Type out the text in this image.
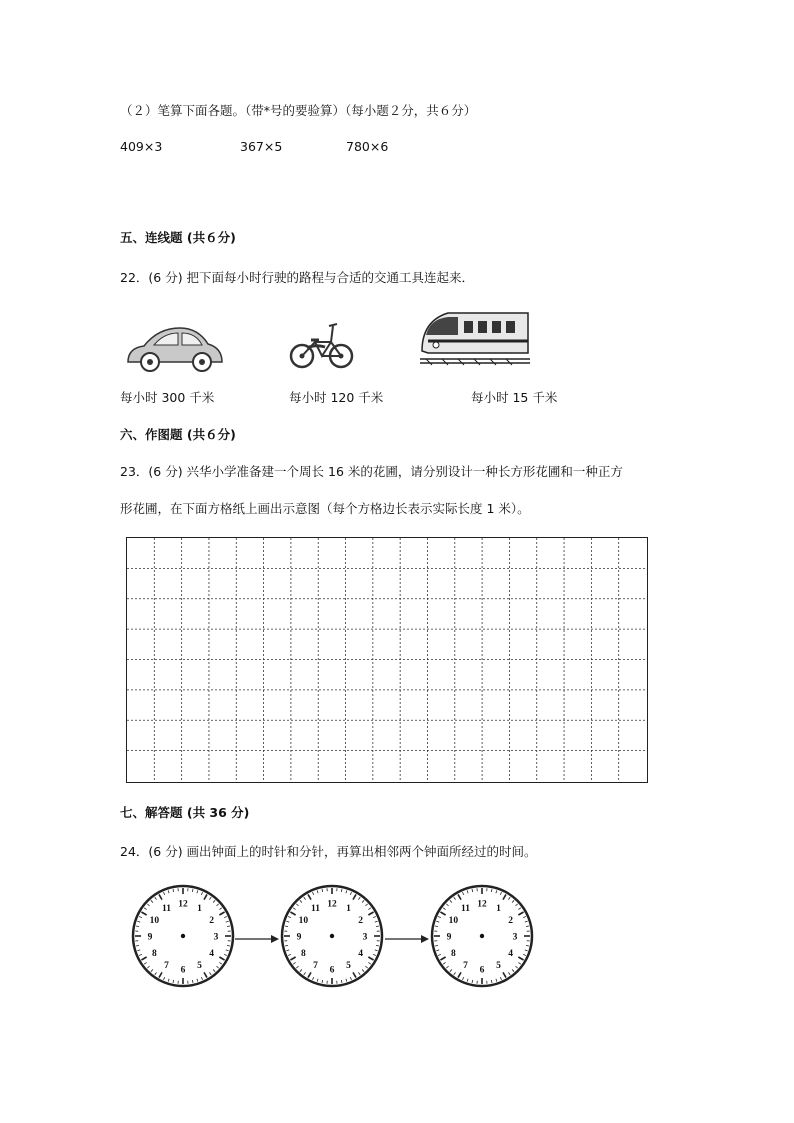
（２）笔算下面各题。（带*号的要验算）（每小题２分，共６分）
409×3	367×5	780×6
五、连线题 (共６分)
22．(6 分) 把下面每小时行驶的路程与合适的交通工具连起来．
每小时 300 千米	每小时 120 千米	每小时 15 千米
六、作图题 (共６分)
23．(6 分) 兴华小学准备建一个周长 16 米的花圃，请分别设计一种长方形花圃和一种正方
形花圃，在下面方格纸上画出示意图（每个方格边长表示实际长度 1 米）。
七、解答题 (共 36 分)
24．(6 分) 画出钟面上的时针和分针，再算出相邻两个钟面所经过的时间。
12 1
2
3
4
5
6
7
8
9
10
11	12 1
2
3
4
5
6
7
8
9
10
11	12 1
2
3
4
5
6
7
8
9
10
11
